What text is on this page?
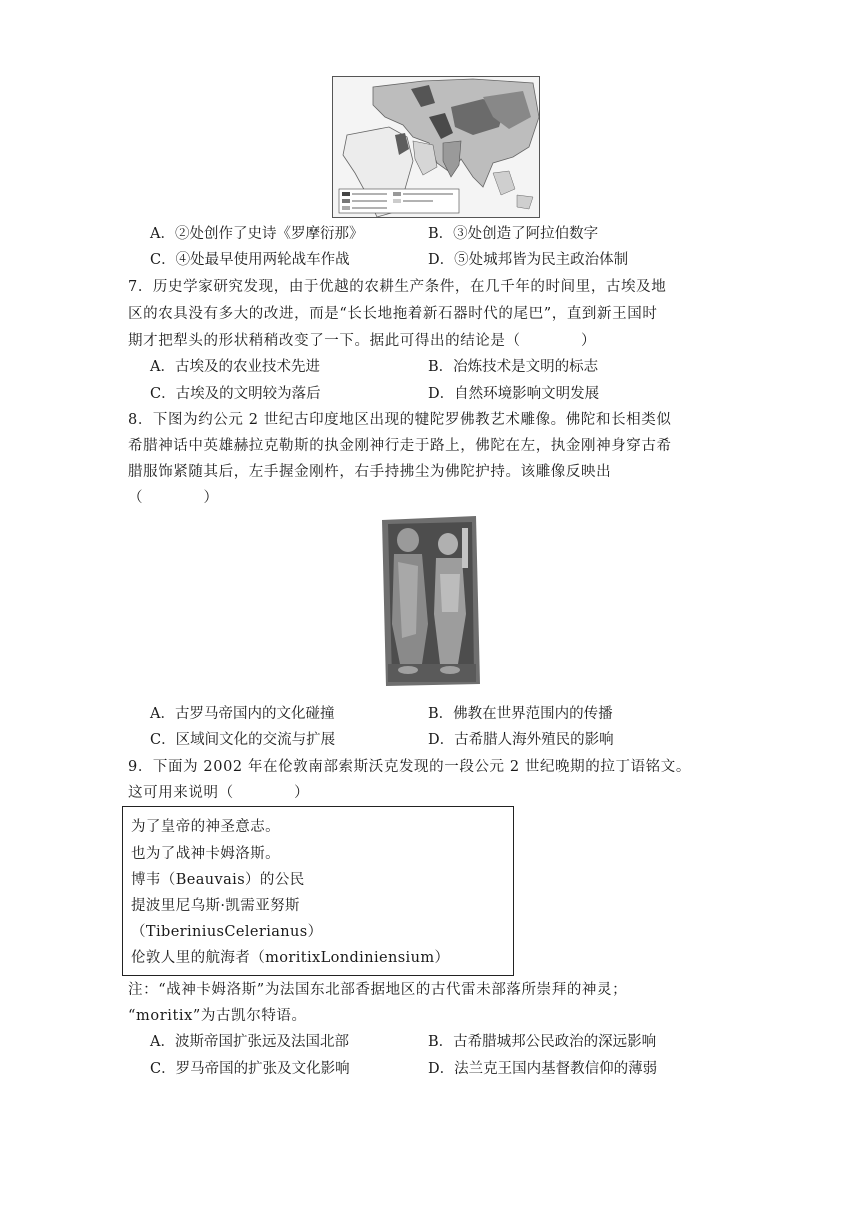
A．②处创作了史诗《罗摩衍那》	B．③处创造了阿拉伯数字
C．④处最早使用两轮战车作战	D．⑤处城邦皆为民主政治体制
7．历史学家研究发现，由于优越的农耕生产条件，在几千年的时间里，古埃及地
区的农具没有多大的改进，而是“长长地拖着新石器时代的尾巴”，直到新王国时
期才把犁头的形状稍稍改变了一下。据此可得出的结论是（　　　　）
A．古埃及的农业技术先进	B．冶炼技术是文明的标志
C．古埃及的文明较为落后	D．自然环境影响文明发展
8．下图为约公元 2 世纪古印度地区出现的犍陀罗佛教艺术雕像。佛陀和长相类似
希腊神话中英雄赫拉克勒斯的执金刚神行走于路上，佛陀在左，执金刚神身穿古希
腊服饰紧随其后，左手握金刚杵，右手持拂尘为佛陀护持。该雕像反映出
（　　　　）
A．古罗马帝国内的文化碰撞	B．佛教在世界范围内的传播
C．区域间文化的交流与扩展	D．古希腊人海外殖民的影响
9．下面为 2002 年在伦敦南部索斯沃克发现的一段公元 2 世纪晚期的拉丁语铭文。
这可用来说明（　　　　）
为了皇帝的神圣意志。
也为了战神卡姆洛斯。
博韦（Beauvais）的公民
提波里尼乌斯·凯需亚努斯
（TiberiniusCelerianus）
伦敦人里的航海者（moritixLondiniensium）
注：“战神卡姆洛斯”为法国东北部香据地区的古代雷未部落所崇拜的神灵；
“moritix”为古凯尔特语。
A．波斯帝国扩张远及法国北部	B．古希腊城邦公民政治的深远影响
C．罗马帝国的扩张及文化影响	D．法兰克王国内基督教信仰的薄弱
